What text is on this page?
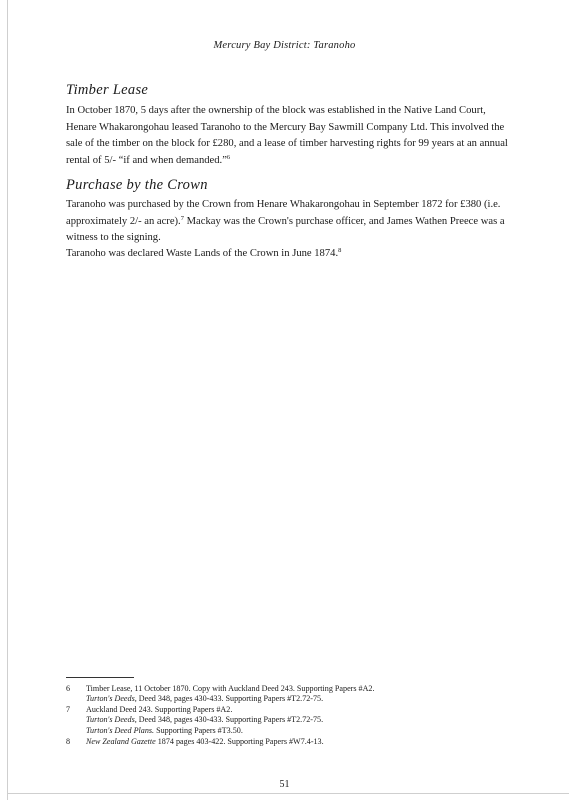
Mercury Bay District: Taranoho
Timber Lease

In October 1870, 5 days after the ownership of the block was established in the Native Land Court, Henare Whakarongohau leased Taranoho to the Mercury Bay Sawmill Company Ltd. This involved the sale of the timber on the block for £280, and a lease of timber harvesting rights for 99 years at an annual rental of 5/- “if and when demanded.”$^6$

Purchase by the Crown

Taranoho was purchased by the Crown from Henare Whakarongohau in September 1872 for £380 (i.e. approximately 2/- an acre).$^7$ Mackay was the Crown's purchase officer, and James Wathen Preece was a witness to the signing.

Taranoho was declared Waste Lands of the Crown in June 1874.$^8$

6 Timber Lease, 11 October 1870. Copy with Auckland Deed 243. Supporting Papers #A2.
Turton's Deeds, Deed 348, pages 430-433. Supporting Papers #T2.72-75.
7 Auckland Deed 243. Supporting Papers #A2.
Turton's Deeds, Deed 348, pages 430-433. Supporting Papers #T2.72-75.
Turton's Deed Plans. Supporting Papers #T3.50.
8 New Zealand Gazette 1874 pages 403-422. Supporting Papers #W7.4-13.
51
